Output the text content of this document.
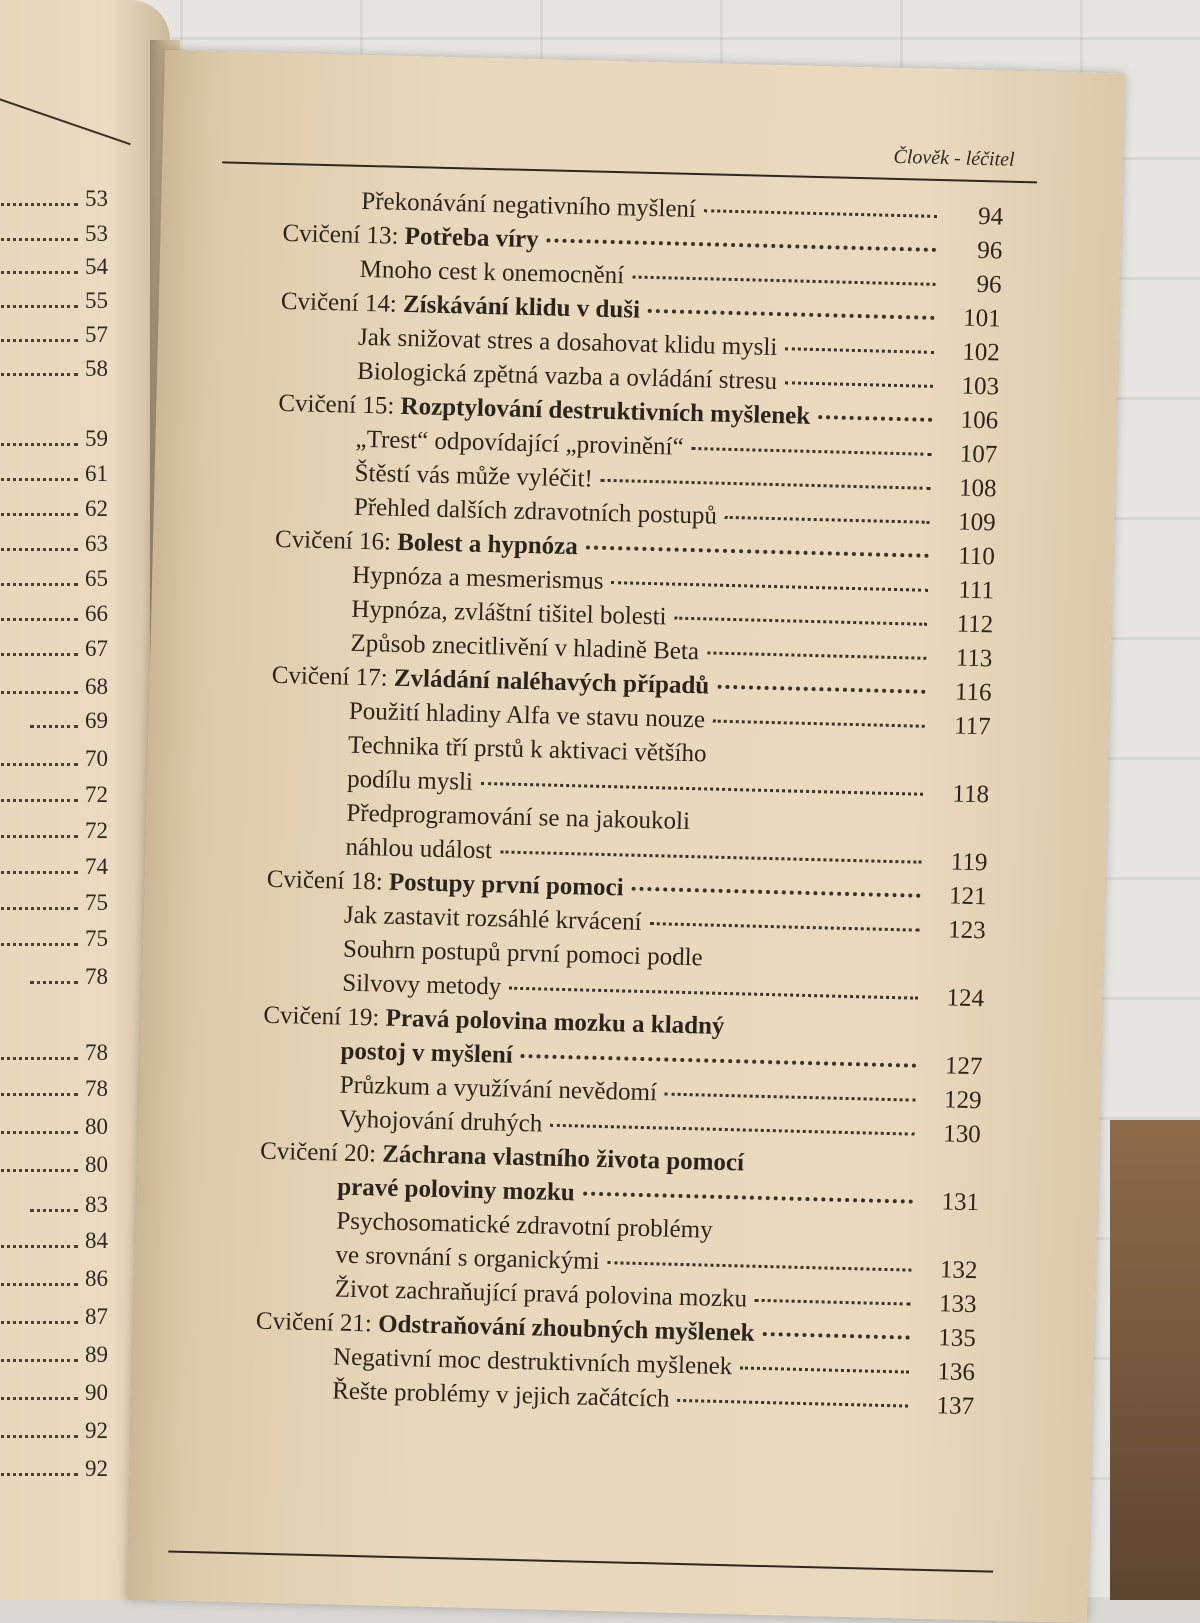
53
53
54
55
57
58
59
61
62
63
65
66
67
68
69
70
72
72
74
75
75
78
78
78
80
80
83
84
86
87
89
90
92
92
Člověk - léčitel
Překonávání negativního myšlení	94
Cvičení 13: Potřeba víry	96
Mnoho cest k onemocnění	96
Cvičení 14: Získávání klidu v duši	101
Jak snižovat stres a dosahovat klidu mysli	102
Biologická zpětná vazba a ovládání stresu	103
Cvičení 15: Rozptylování destruktivních myšlenek	106
„Trest“ odpovídající „provinění“	107
Štěstí vás může vyléčit!	108
Přehled dalších zdravotních postupů	109
Cvičení 16: Bolest a hypnóza	110
Hypnóza a mesmerismus	111
Hypnóza, zvláštní tišitel bolesti	112
Způsob znecitlivění v hladině Beta	113
Cvičení 17: Zvládání naléhavých případů	116
Použití hladiny Alfa ve stavu nouze	117
Technika tří prstů k aktivaci většího
podílu mysli	118
Předprogramování se na jakoukoli
náhlou událost	119
Cvičení 18: Postupy první pomoci	121
Jak zastavit rozsáhlé krvácení	123
Souhrn postupů první pomoci podle
Silvovy metody	124
Cvičení 19: Pravá polovina mozku a kladný
postoj v myšlení	127
Průzkum a využívání nevědomí	129
Vyhojování druhých	130
Cvičení 20: Záchrana vlastního života pomocí
pravé poloviny mozku	131
Psychosomatické zdravotní problémy
ve srovnání s organickými	132
Život zachraňující pravá polovina mozku	133
Cvičení 21: Odstraňování zhoubných myšlenek	135
Negativní moc destruktivních myšlenek	136
Řešte problémy v jejich začátcích	137
